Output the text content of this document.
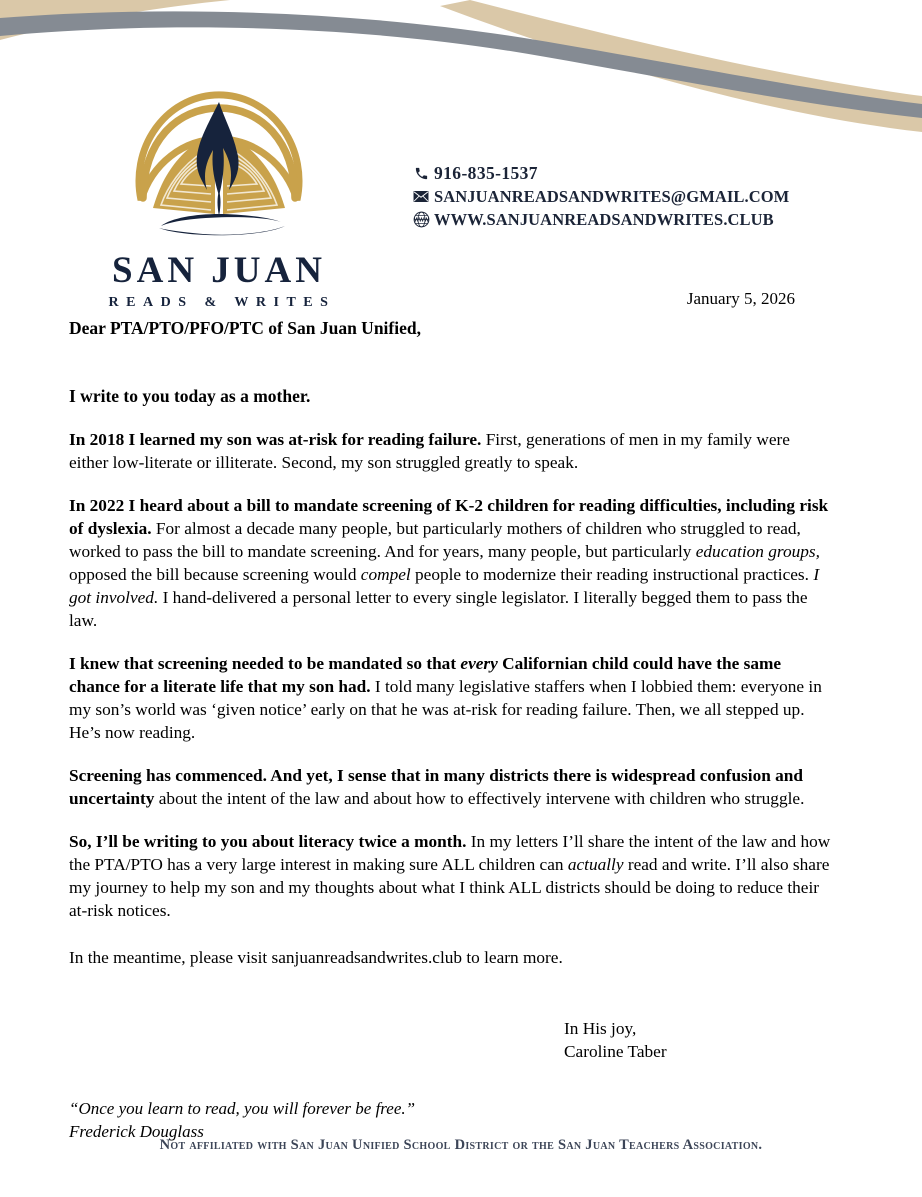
SAN JUAN
READS & WRITES
916-835-1537
SANJUANREADSANDWRITES@GMAIL.COM
WWW WWW.SANJUANREADSANDWRITES.CLUB
January 5, 2026
Dear PTA/PTO/PFO/PTC of San Juan Unified,
I write to you today as a mother.

In 2018 I learned my son was at-risk for reading failure. First, generations of men in my family were either low-literate or illiterate. Second, my son struggled greatly to speak.

In 2022 I heard about a bill to mandate screening of K-2 children for reading difficulties, including risk of dyslexia. For almost a decade many people, but particularly mothers of children who struggled to read, worked to pass the bill to mandate screening. And for years, many people, but particularly education groups, opposed the bill because screening would compel people to modernize their reading instructional practices. I got involved. I hand-delivered a personal letter to every single legislator. I literally begged them to pass the law.

I knew that screening needed to be mandated so that every Californian child could have the same chance for a literate life that my son had. I told many legislative staffers when I lobbied them: everyone in my son’s world was ‘given notice’ early on that he was at-risk for reading failure. Then, we all stepped up. He’s now reading.

Screening has commenced. And yet, I sense that in many districts there is widespread confusion and uncertainty about the intent of the law and about how to effectively intervene with children who struggle.

So, I’ll be writing to you about literacy twice a month. In my letters I’ll share the intent of the law and how the PTA/PTO has a very large interest in making sure ALL children can actually read and write. I’ll also share my journey to help my son and my thoughts about what I think ALL districts should be doing to reduce their at-risk notices.

In the meantime, please visit sanjuanreadsandwrites.club to learn more.
In His joy,
Caroline Taber
“Once you learn to read, you will forever be free.”
Frederick Douglass
Not affiliated with San Juan Unified School District or the San Juan Teachers Association.
